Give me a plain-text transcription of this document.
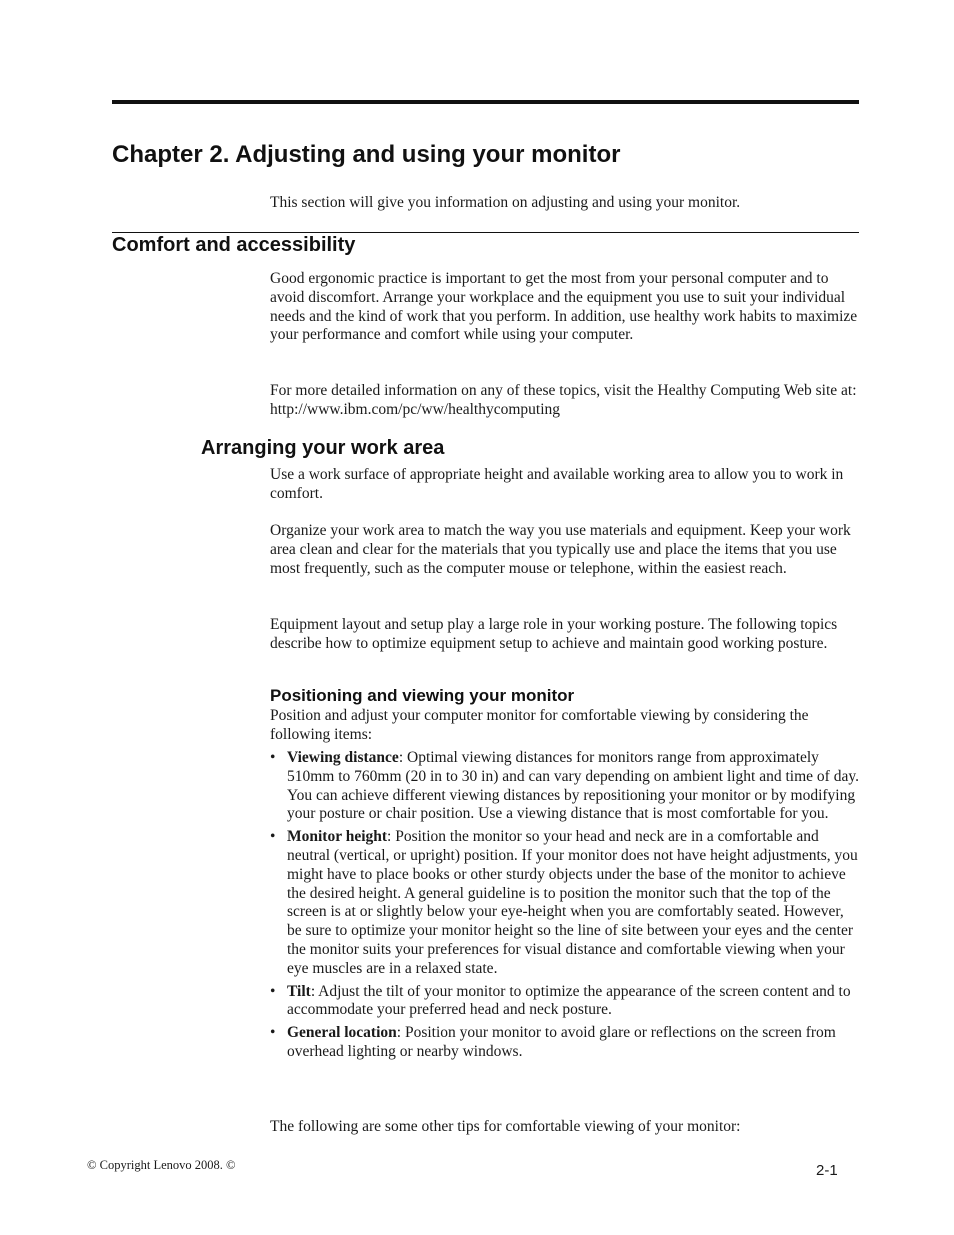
Chapter 2. Adjusting and using your monitor

This section will give you information on adjusting and using your monitor.

Comfort and accessibility

Good ergonomic practice is important to get the most from your personal computer and to avoid discomfort. Arrange your workplace and the equipment you use to suit your individual needs and the kind of work that you perform. In addition, use healthy work habits to maximize your performance and comfort while using your computer.

For more detailed information on any of these topics, visit the Healthy Computing Web site at: http://www.ibm.com/pc/ww/healthycomputing

Arranging your work area

Use a work surface of appropriate height and available working area to allow you to work in comfort.

Organize your work area to match the way you use materials and equipment. Keep your work area clean and clear for the materials that you typically use and place the items that you use most frequently, such as the computer mouse or telephone, within the easiest reach.

Equipment layout and setup play a large role in your working posture. The following topics describe how to optimize equipment setup to achieve and maintain good working posture.

Positioning and viewing your monitor

Position and adjust your computer monitor for comfortable viewing by considering the following items:

• Viewing distance: Optimal viewing distances for monitors range from approximately 510mm to 760mm (20 in to 30 in) and can vary depending on ambient light and time of day. You can achieve different viewing distances by repositioning your monitor or by modifying your posture or chair position. Use a viewing distance that is most comfortable for you.
• Monitor height: Position the monitor so your head and neck are in a comfortable and neutral (vertical, or upright) position. If your monitor does not have height adjustments, you might have to place books or other sturdy objects under the base of the monitor to achieve the desired height. A general guideline is to position the monitor such that the top of the screen is at or slightly below your eye-height when you are comfortably seated. However, be sure to optimize your monitor height so the line of site between your eyes and the center the monitor suits your preferences for visual distance and comfortable viewing when your eye muscles are in a relaxed state.
• Tilt: Adjust the tilt of your monitor to optimize the appearance of the screen content and to accommodate your preferred head and neck posture.
• General location: Position your monitor to avoid glare or reflections on the screen from overhead lighting or nearby windows.

The following are some other tips for comfortable viewing of your monitor:

© Copyright Lenovo 2008. ©	2-1
